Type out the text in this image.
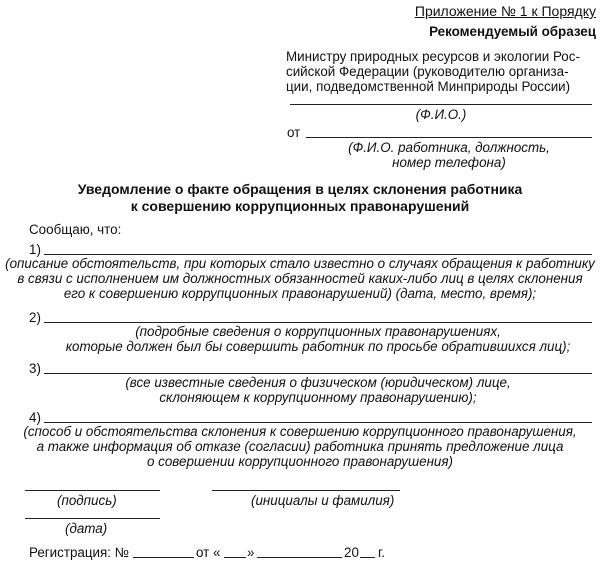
Приложение № 1 к Порядку
Рекомендуемый образец
Министру природных ресурсов и экологии Рос-
сийской Федерации (руководителю организа-
ции, подведомственной Минприроды России)
(Ф.И.О.)
от
(Ф.И.О. работника, должность,
номер телефона)
Уведомление о факте обращения в целях склонения работника
к совершению коррупционных правонарушений
Сообщаю, что:
1)
(описание обстоятельств, при которых стало известно о случаях обращения к работнику
в связи с исполнением им должностных обязанностей каких-либо лиц в целях склонения
его к совершению коррупционных правонарушений) (дата, место, время);
2)
(подробные сведения о коррупционных правонарушениях,
которые должен был бы совершить работник по просьбе обратившихся лиц);
3)
(все известные сведения о физическом (юридическом) лице,
склоняющем к коррупционному правонарушению);
4)
(способ и обстоятельства склонения к совершению коррупционного правонарушения,
а также информация об отказе (согласии) работника принять предложение лица
о совершении коррупционного правонарушения)
(подпись)	(инициалы и фамилия)
(дата)
Регистрация: №	от « »	20 г.
